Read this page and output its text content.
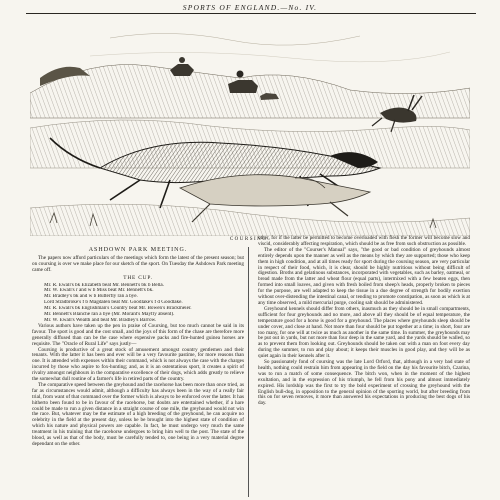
SPORTS OF ENGLAND.—No. IV.
COURSING.
ASHDOWN PARK MEETING.

The papers now afford particulars of the meetings which form the latest of the present season; but on coursing is over we make place for our sketch of the sport. On Tuesday the Ashdown Park meeting came off.

THE CUP.

Mr. R. Ewall's bk Elizabeth beat Mr. Bennett's bk b Bella.

Mr. W. Ewall's r and w b Miss beat Mr. Bennett's bk.

Mr. Bradley's bk and w b Butterfly ran a bye.

Lord Stradbroke's f b Magdalen beat Mr. Goodlake's f d Goodlake.

Mr. R. Ewall's bk Englishman's Country beat Mr. Bowen's Brackmeier.

Mr. Bennett's Blanche ran a bye (Mr. Morant's Mayfly absent).

Mr. W. Ewall's Wealth and beat Mr. Bradley's Barrow.

Various authors have taken up the pen in praise of Coursing, but too much cannot be said in its favour. The sport is good and the cost small, and the joys of this form of the chase are therefore more generally diffused than can be the case where expensive packs and fire-hunted guinea horses are requisite. The "Oracle of Rural Life" says justly—

Coursing is productive of a great stock of amusement amongst country gentlemen and their tenants. With the latter it has been and ever will be a very favourite pastime, for more reasons than one. It is attended with expenses within their command, which is not always the case with the charges incurred by those who aspire to fox-hunting; and, as it is an ostentatious sport, it creates a spirit of rivalry amongst neighbours in the comparative excellence of their dogs, which adds greatly to relieve the somewhat dull routine of a farmer's life in retired parts of the country.

The comparative speed between the greyhound and the racehorse has been more than once tried, as far as circumstances would admit, although a difficulty has always been in the way of a really fair trial, from want of that command over the former which is always to be enforced over the latter. It has hitherto been found to be in favour of the racehorse, but doubts are entertained whether, if a hare could be made to run a given distance in a straight course of one mile, the greyhound would not win the race. But, whatever may be the estimate of a high breeding of the greyhound, he can acquire no celebrity in the field at the present day, unless he be brought into the highest state of condition of which his nature and physical powers are capable. In fact, he must undergo very much the same treatment in his training that the racehorse undergoes to bring him well to the post. The state of the blood, as well as that of the body, must be carefully tended to, one being in a very material degree dependant on the other.

other, for if the latter be permitted to become overloaded with flesh the former will become slow and viscid, considerably affecting respiration, which should be as free from such obstruction as possible.

The editor of the "Courser's Manual" says, "the good or bad condition of greyhounds almost entirely depends upon the manner as well as the means by which they are supported; those who keep them in high condition, and at all times ready for sport during the coursing season, are very particular in respect of their food, which, it is clear, should be highly nutritious without being difficult of digestion. Broths and gelatinous substances, incorporated with vegetables, such as barley, oatmeal, or bread made from the latter and wheat flour (equal parts), intermixed with a few beaten eggs, then formed into small loaves, and given with fresh boiled from sheep's heads, properly broken to pieces for the purpose, are well adapted to keep the tissue in a due degree of strength for bodily exertion without over-distending the intestinal canal, or tending to promote constipation, as soon as which is at any time observed, a mild mercurial purge, cooling salt should be administered.

Greyhound kennels should differ from others, inasmuch as they should be in small compartments, sufficient for four greyhounds and no more, and above all they should be of equal temperature, the temperature good for a horse is good for a greyhound. The places where greyhounds sleep should be under cover, and close at hand. Not more than four should be put together at a time; in short, four are too many, for one will at twice as much as another in the same time. In summer, the greyhounds may be put out in yards, but not more than four deep in the same yard, and the yards should be walled, so as to prevent them from looking out. Greyhounds should be taken out with a man on foot every day during the summer, to run and play about; it keeps their muscles in good play, and they will be as quiet again in their kennels after it.

So passionately fond of coursing was the late Lord Orford, that, although in a very bad state of health, nothing could restrain him from appearing in the field on the day his favourite bitch, Czarina, was to run a match of some consequence. The bitch won, when in the moment of the highest exultation, and in the expression of his triumph, he fell from his pony and almost immediately expired. His lordship was the first to try the bold experiment of crossing the greyhound with the English bull-dog, in opposition to the general opinion of the sporting world, but after breeding from this on for seven removes, it more than answered his expectations in producing the best dogs of his day.
